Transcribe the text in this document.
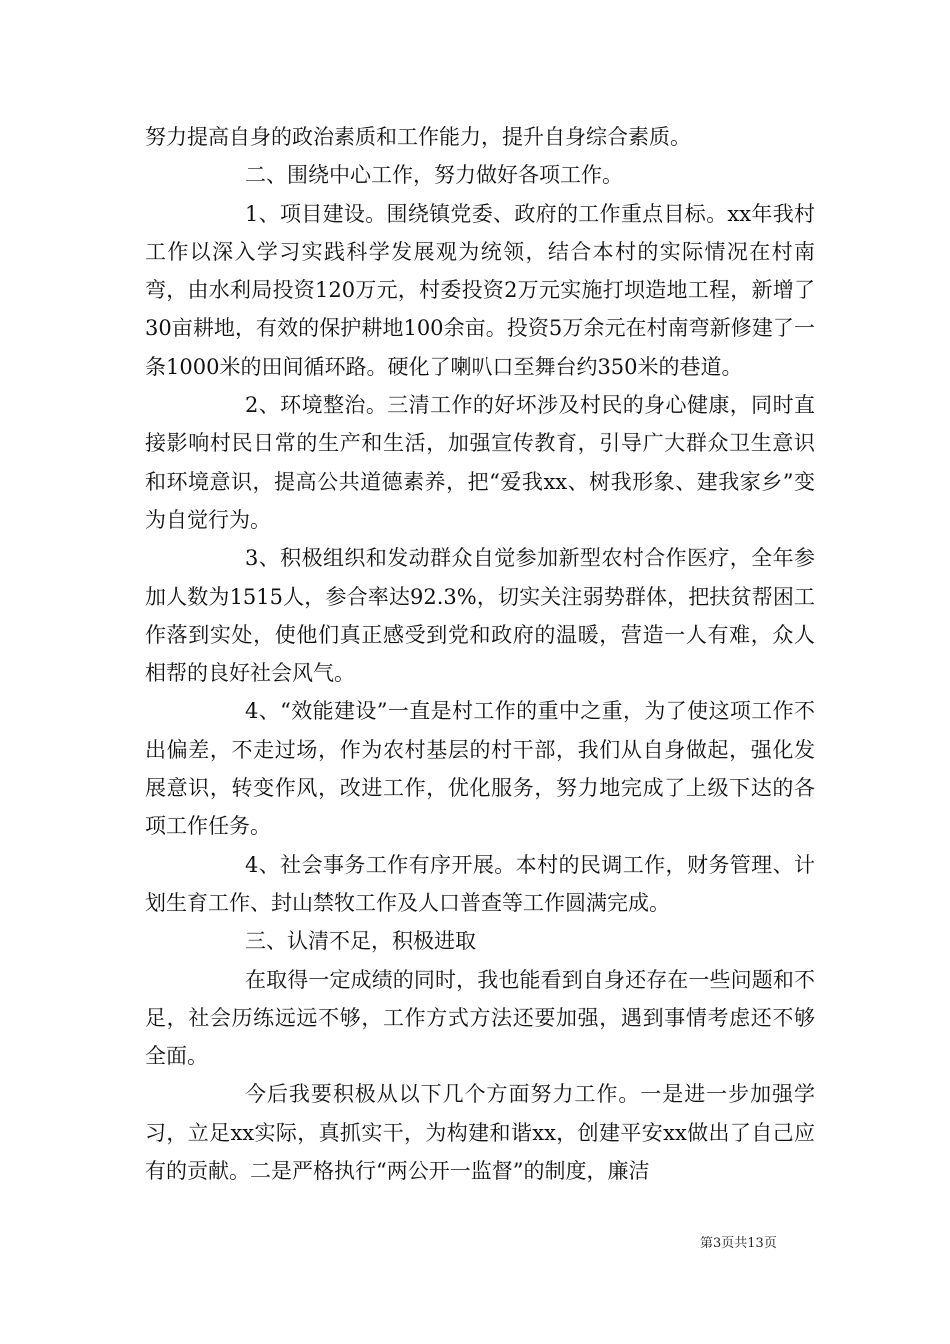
努力提高自身的政治素质和工作能力，提升自身综合素质。

二、围绕中心工作，努力做好各项工作。

1、项目建设。围绕镇党委、政府的工作重点目标。xx年我村工作以深入学习实践科学发展观为统领，结合本村的实际情况在村南弯，由水利局投资120万元，村委投资2万元实施打坝造地工程，新增了30亩耕地，有效的保护耕地100余亩。投资5万余元在村南弯新修建了一条1000米的田间循环路。硬化了喇叭口至舞台约350米的巷道。

2、环境整治。三清工作的好坏涉及村民的身心健康，同时直接影响村民日常的生产和生活，加强宣传教育，引导广大群众卫生意识和环境意识，提高公共道德素养，把“爱我xx、树我形象、建我家乡”变为自觉行为。

3、积极组织和发动群众自觉参加新型农村合作医疗，全年参加人数为1515人，参合率达92.3%，切实关注弱势群体，把扶贫帮困工作落到实处，使他们真正感受到党和政府的温暖，营造一人有难，众人相帮的良好社会风气。

4、“效能建设”一直是村工作的重中之重，为了使这项工作不出偏差，不走过场，作为农村基层的村干部，我们从自身做起，强化发展意识，转变作风，改进工作，优化服务，努力地完成了上级下达的各项工作任务。

4、社会事务工作有序开展。本村的民调工作，财务管理、计划生育工作、封山禁牧工作及人口普查等工作圆满完成。

三、认清不足，积极进取

在取得一定成绩的同时，我也能看到自身还存在一些问题和不足，社会历练远远不够，工作方式方法还要加强，遇到事情考虑还不够全面。

今后我要积极从以下几个方面努力工作。一是进一步加强学习，立足xx实际，真抓实干，为构建和谐xx，创建平安xx做出了自己应有的贡献。二是严格执行“两公开一监督”的制度，廉洁

第3页共13页
